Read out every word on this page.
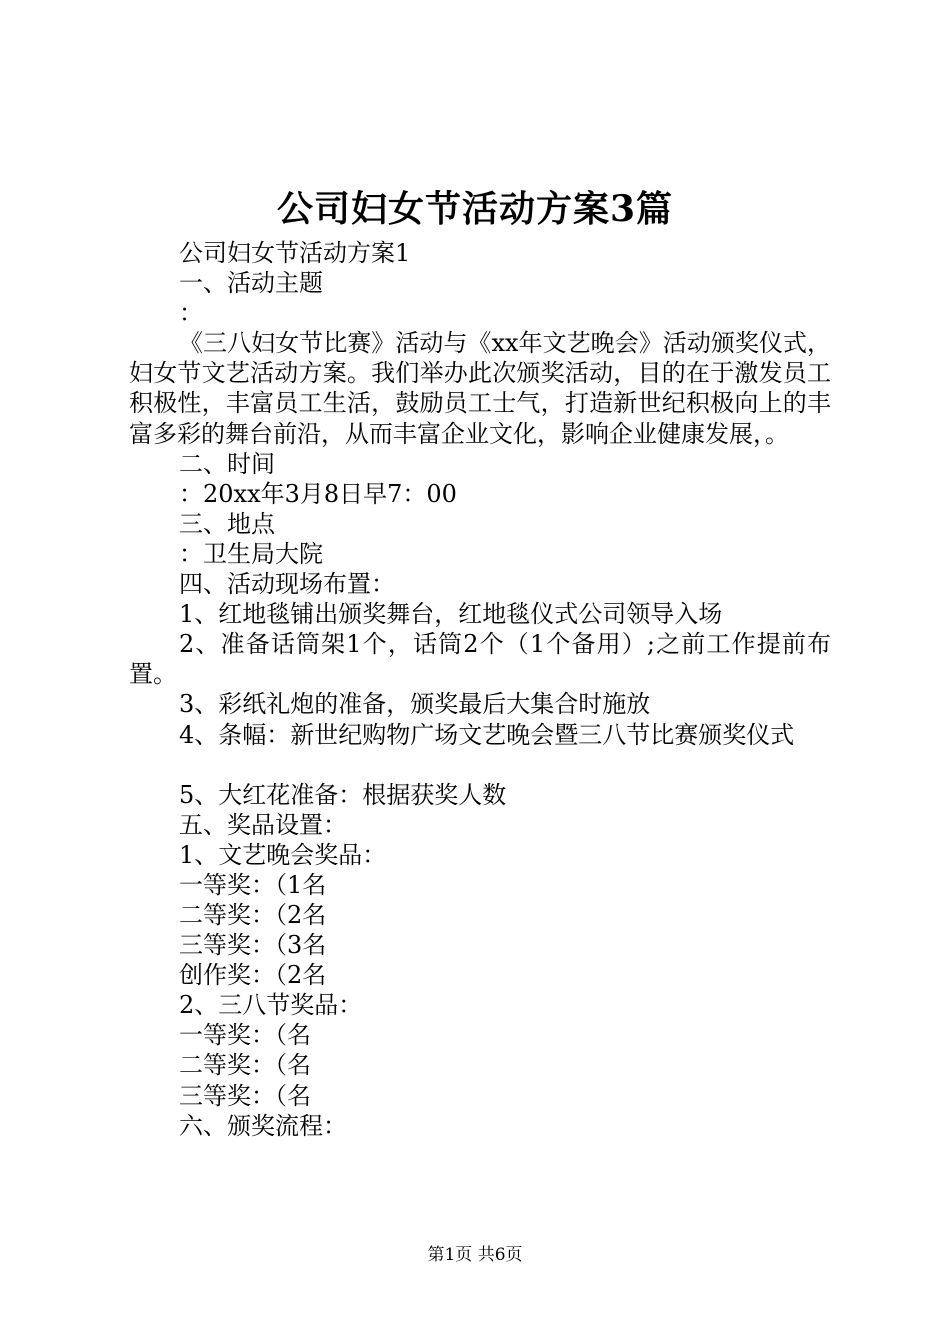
公司妇女节活动方案3篇

公司妇女节活动方案1

一、活动主题

：

《三八妇女节比赛》活动与《xx年文艺晚会》活动颁奖仪式，妇女节文艺活动方案。我们举办此次颁奖活动，目的在于激发员工积极性，丰富员工生活，鼓励员工士气，打造新世纪积极向上的丰富多彩的舞台前沿，从而丰富企业文化，影响企业健康发展，。

二、时间

：20xx年3月8日早7：00

三、地点

：卫生局大院

四、活动现场布置：

1、红地毯铺出颁奖舞台，红地毯仪式公司领导入场

2、准备话筒架1个，话筒2个（1个备用）;之前工作提前布置。

3、彩纸礼炮的准备，颁奖最后大集合时施放

4、条幅：新世纪购物广场文艺晚会暨三八节比赛颁奖仪式

5、大红花准备：根据获奖人数

五、奖品设置：

1、文艺晚会奖品：

一等奖：（1名

二等奖：（2名

三等奖：（3名

创作奖：（2名

2、三八节奖品：

一等奖：（名

二等奖：（名

三等奖：（名

六、颁奖流程：

第1页 共6页
